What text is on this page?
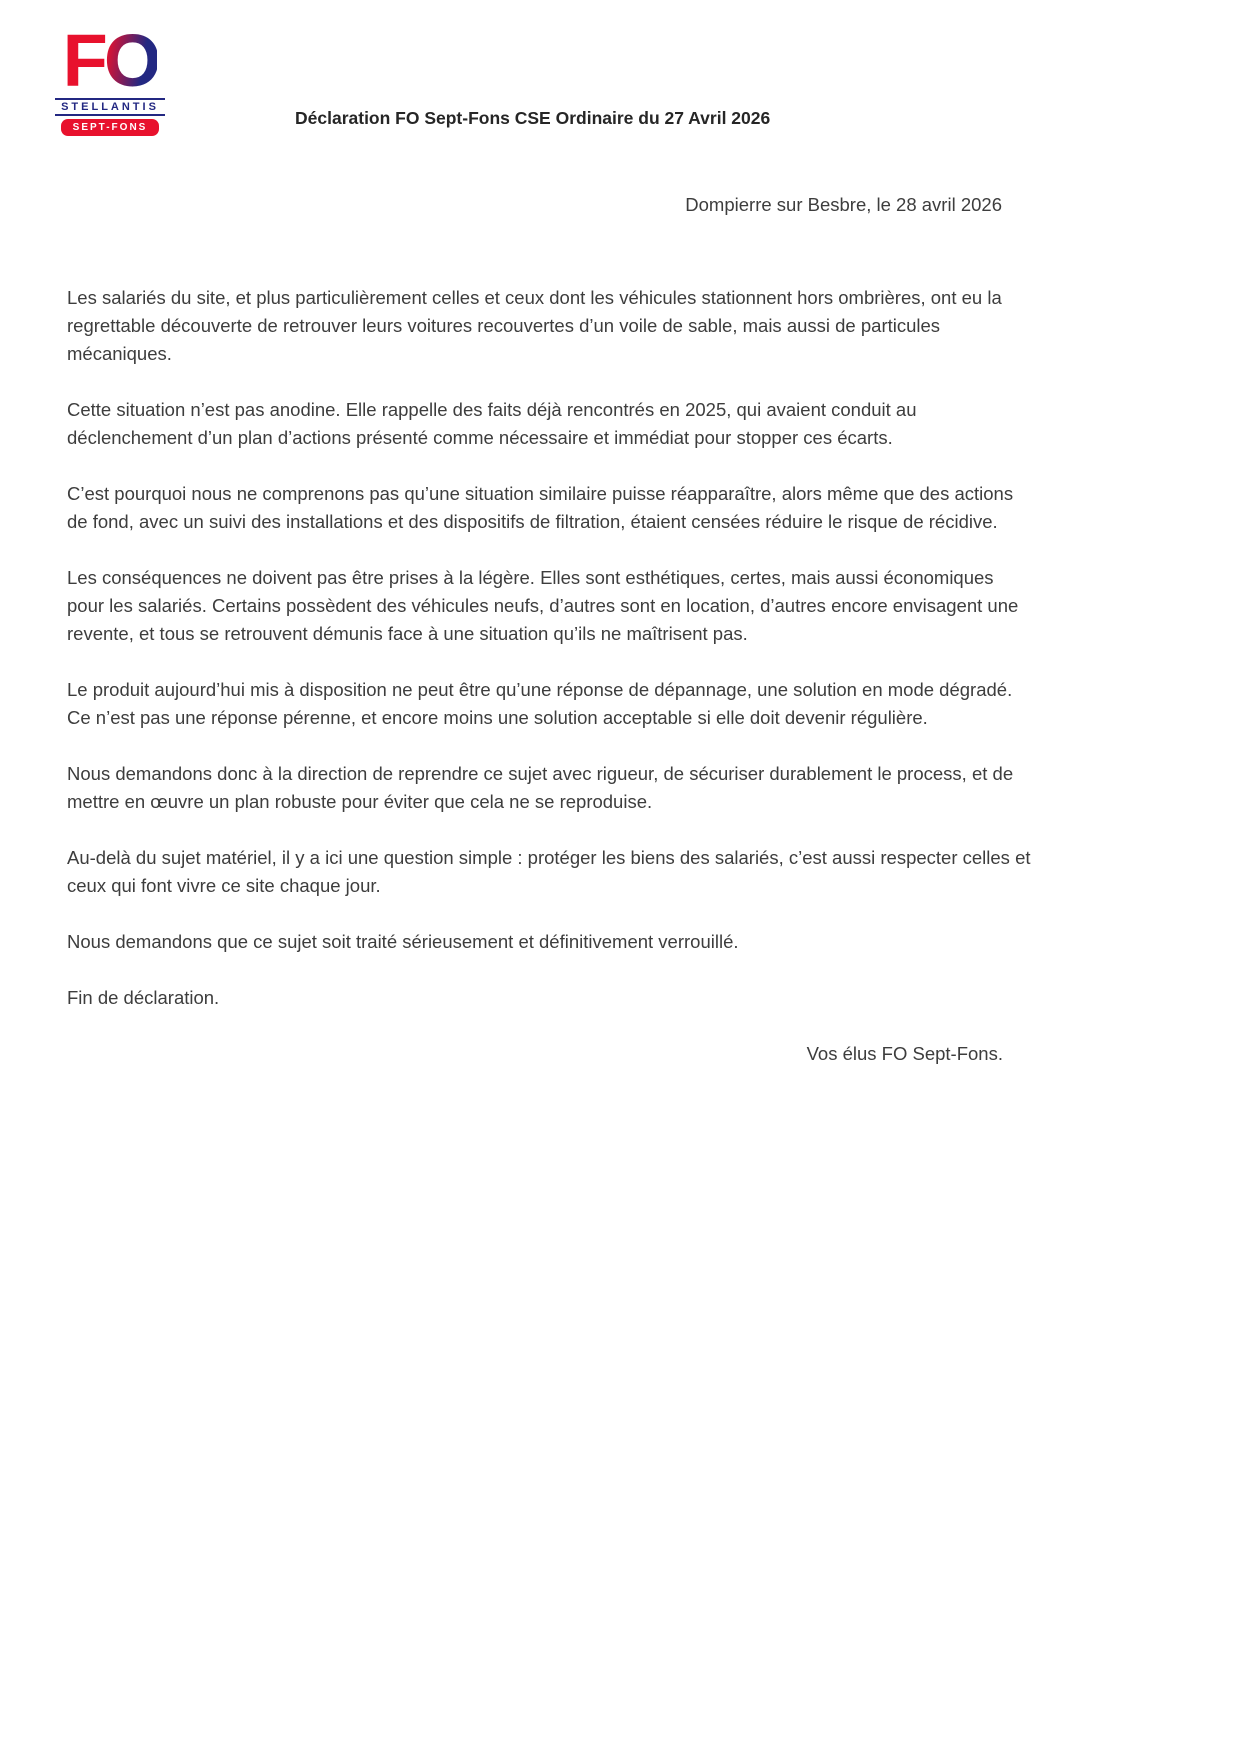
FO
STELLANTIS
SEPT-FONS	Déclaration FO Sept-Fons CSE Ordinaire du 27 Avril 2026
Dompierre sur Besbre, le 28 avril 2026

Les salariés du site, et plus particulièrement celles et ceux dont les véhicules stationnent hors ombrières, ont eu la regrettable découverte de retrouver leurs voitures recouvertes d’un voile de sable, mais aussi de particules mécaniques.

Cette situation n’est pas anodine. Elle rappelle des faits déjà rencontrés en 2025, qui avaient conduit au déclenchement d’un plan d’actions présenté comme nécessaire et immédiat pour stopper ces écarts.

C’est pourquoi nous ne comprenons pas qu’une situation similaire puisse réapparaître, alors même que des actions de fond, avec un suivi des installations et des dispositifs de filtration, étaient censées réduire le risque de récidive.

Les conséquences ne doivent pas être prises à la légère. Elles sont esthétiques, certes, mais aussi économiques pour les salariés. Certains possèdent des véhicules neufs, d’autres sont en location, d’autres encore envisagent une revente, et tous se retrouvent démunis face à une situation qu’ils ne maîtrisent pas.

Le produit aujourd’hui mis à disposition ne peut être qu’une réponse de dépannage, une solution en mode dégradé. Ce n’est pas une réponse pérenne, et encore moins une solution acceptable si elle doit devenir régulière.

Nous demandons donc à la direction de reprendre ce sujet avec rigueur, de sécuriser durablement le process, et de mettre en œuvre un plan robuste pour éviter que cela ne se reproduise.

Au-delà du sujet matériel, il y a ici une question simple : protéger les biens des salariés, c’est aussi respecter celles et ceux qui font vivre ce site chaque jour.

Nous demandons que ce sujet soit traité sérieusement et définitivement verrouillé.

Fin de déclaration.

Vos élus FO Sept-Fons.
